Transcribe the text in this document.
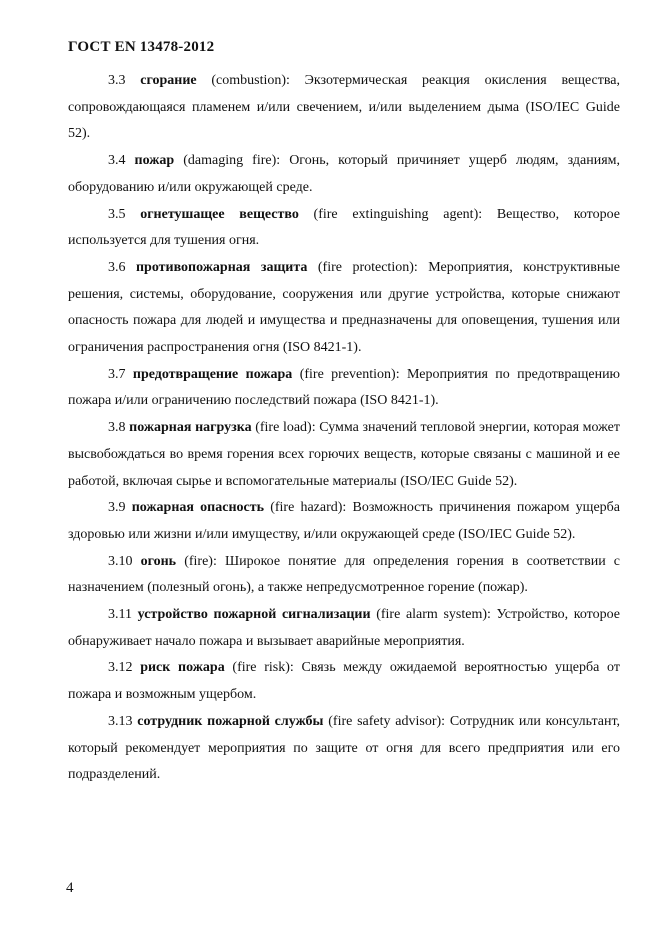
ГОСТ EN 13478-2012

3.3 сгорание (combustion): Экзотермическая реакция окисления вещества, сопровождающаяся пламенем и/или свечением, и/или выделением дыма (ISO/IEC Guide 52).

3.4 пожар (damaging fire): Огонь, который причиняет ущерб людям, зданиям, оборудованию и/или окружающей среде.

3.5 огнетушащее вещество (fire extinguishing agent): Вещество, которое используется для тушения огня.

3.6 противопожарная защита (fire protection): Мероприятия, конструктивные решения, системы, оборудование, сооружения или другие устройства, которые снижают опасность пожара для людей и имущества и предназначены для оповещения, тушения или ограничения распространения огня (ISO 8421-1).

3.7 предотвращение пожара (fire prevention): Мероприятия по предотвращению пожара и/или ограничению последствий пожара (ISO 8421-1).

3.8 пожарная нагрузка (fire load): Сумма значений тепловой энергии, которая может высвобождаться во время горения всех горючих веществ, которые связаны с машиной и ее работой, включая сырье и вспомогательные материалы (ISO/IEC Guide 52).

3.9 пожарная опасность (fire hazard): Возможность причинения пожаром ущерба здоровью или жизни и/или имуществу, и/или окружающей среде (ISO/IEC Guide 52).

3.10 огонь (fire): Широкое понятие для определения горения в соответствии с назначением (полезный огонь), а также непредусмотренное горение (пожар).

3.11 устройство пожарной сигнализации (fire alarm system): Устройство, которое обнаруживает начало пожара и вызывает аварийные мероприятия.

3.12 риск пожара (fire risk): Связь между ожидаемой вероятностью ущерба от пожара и возможным ущербом.

3.13 сотрудник пожарной службы (fire safety advisor): Сотрудник или консультант, который рекомендует мероприятия по защите от огня для всего предприятия или его подразделений.

4
